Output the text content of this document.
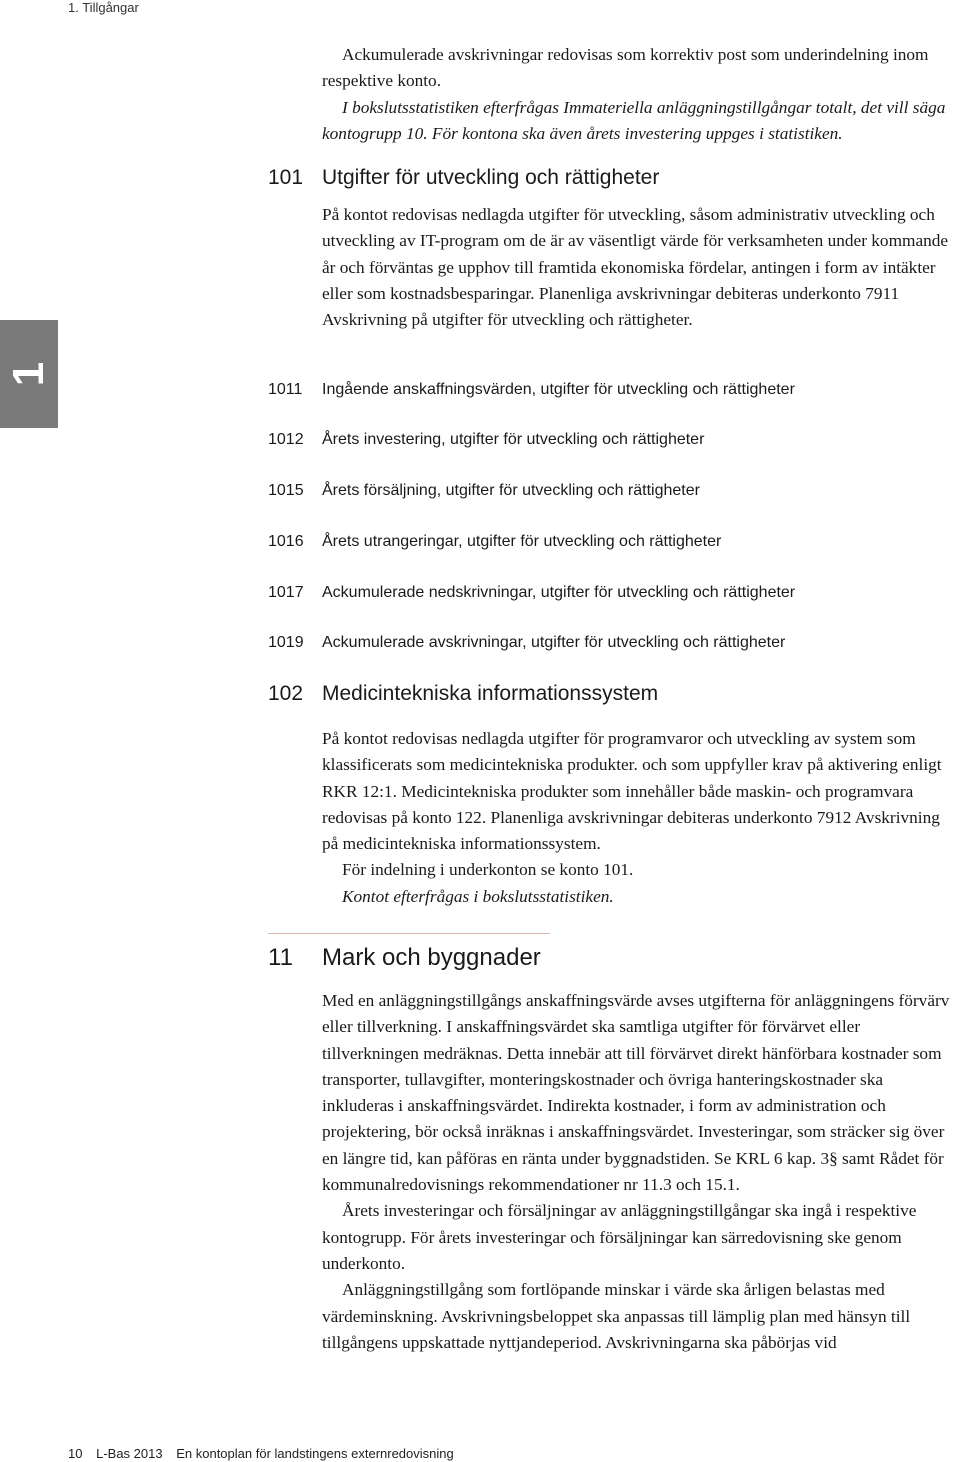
1. Tillgångar
1

Ackumulerade avskrivningar redovisas som korrektiv post som underindelning inom respektive konto.
I bokslutsstatistiken efterfrågas Immateriella anläggningstillgångar totalt, det vill säga kontogrupp 10. För kontona ska även årets investering uppges i statistiken.

101 Utgifter för utveckling och rättigheter

På kontot redovisas nedlagda utgifter för utveckling, såsom administrativ utveckling och utveckling av IT-program om de är av väsentligt värde för verksamheten under kommande år och förväntas ge upphov till framtida ekonomiska fördelar, antingen i form av intäkter eller som kostnadsbesparingar. Planenliga avskrivningar debiteras underkonto 7911 Avskrivning på utgifter för utveckling och rättigheter.

1011 Ingående anskaffningsvärden, utgifter för utveckling och rättigheter
1012 Årets investering, utgifter för utveckling och rättigheter
1015 Årets försäljning, utgifter för utveckling och rättigheter
1016 Årets utrangeringar, utgifter för utveckling och rättigheter
1017 Ackumulerade nedskrivningar, utgifter för utveckling och rättigheter
1019 Ackumulerade avskrivningar, utgifter för utveckling och rättigheter
102 Medicintekniska informationssystem

På kontot redovisas nedlagda utgifter för programvaror och utveckling av system som klassificerats som medicintekniska produkter. och som uppfyller krav på aktivering enligt RKR 12:1. Medicintekniska produkter som innehåller både maskin- och programvara redovisas på konto 122. Planenliga avskrivningar debiteras underkonto 7912 Avskrivning på medicintekniska informationssystem.
För indelning i underkonton se konto 101.
Kontot efterfrågas i bokslutsstatistiken.

11 Mark och byggnader

Med en anläggningstillgångs anskaffningsvärde avses utgifterna för anläggningens förvärv eller tillverkning. I anskaffningsvärdet ska samtliga utgifter för förvärvet eller tillverkningen medräknas. Detta innebär att till förvärvet direkt hänförbara kostnader som transporter, tullavgifter, monteringskostnader och övriga hanteringskostnader ska inkluderas i anskaffningsvärdet. Indirekta kostnader, i form av administration och projektering, bör också inräknas i anskaffningsvärdet. Investeringar, som sträcker sig över en längre tid, kan påföras en ränta under byggnadstiden. Se KRL 6 kap. 3§ samt Rådet för kommunalredovisnings rekommendationer nr 11.3 och 15.1.
Årets investeringar och försäljningar av anläggningstillgångar ska ingå i respektive kontogrupp. För årets investeringar och försäljningar kan särredovisning ske genom underkonto.
Anläggningstillgång som fortlöpande minskar i värde ska årligen belastas med värdeminskning. Avskrivningsbeloppet ska anpassas till lämplig plan med hänsyn till tillgångens uppskattade nyttjandeperiod. Avskrivningarna ska påbörjas vid

10 L-Bas 2013 En kontoplan för landstingens externredovisning
